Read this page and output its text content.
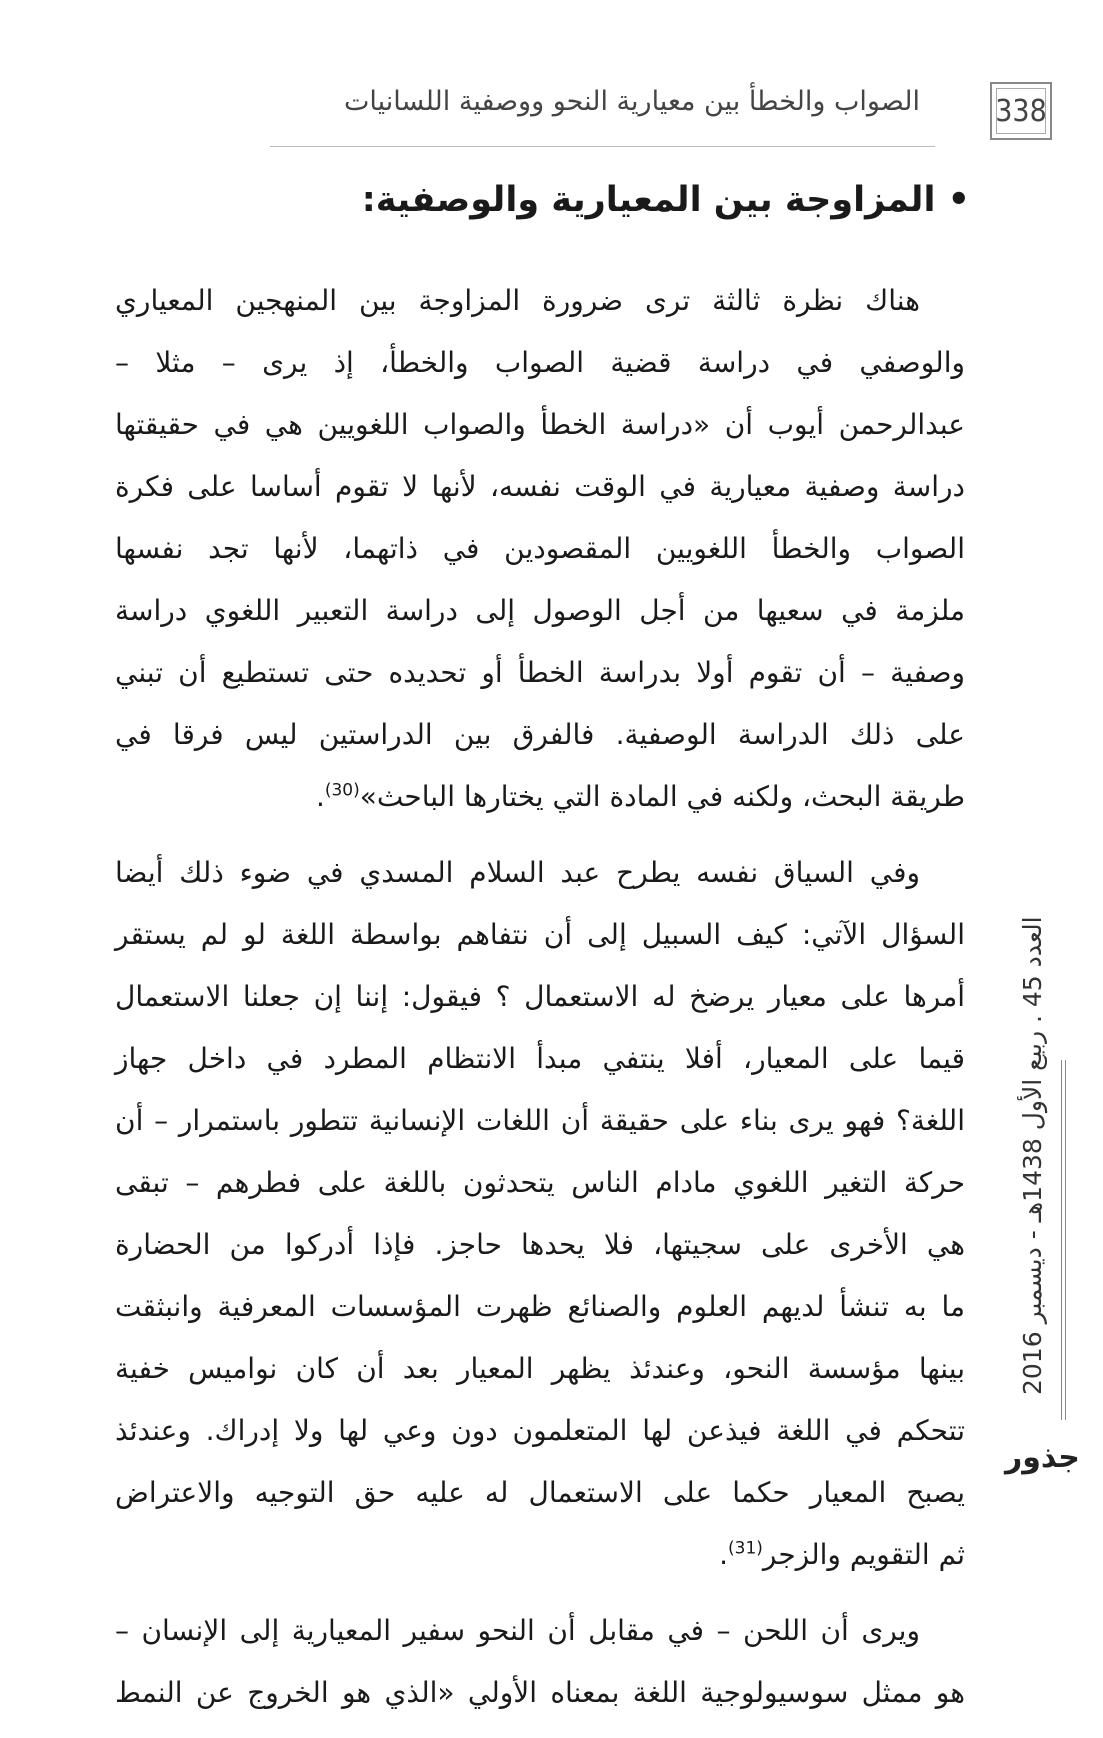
الصواب والخطأ بين معيارية النحو ووصفية اللسانيات	338
• المزاوجة بين المعيارية والوصفية:
هناك نظرة ثالثة ترى ضرورة المزاوجة بين المنهجين المعياري
والوصفي في دراسة قضية الصواب والخطأ، إذ يرى – مثلا –
عبدالرحمن أيوب أن «دراسة الخطأ والصواب اللغويين هي في حقيقتها
دراسة وصفية معيارية في الوقت نفسه، لأنها لا تقوم أساسا على فكرة
الصواب والخطأ اللغويين المقصودين في ذاتهما، لأنها تجد نفسها
ملزمة في سعيها من أجل الوصول إلى دراسة التعبير اللغوي دراسة
وصفية – أن تقوم أولا بدراسة الخطأ أو تحديده حتى تستطيع أن تبني
على ذلك الدراسة الوصفية. فالفرق بين الدراستين ليس فرقا في
طريقة البحث، ولكنه في المادة التي يختارها الباحث»$^{(30)}$.
وفي السياق نفسه يطرح عبد السلام المسدي في ضوء ذلك أيضا
السؤال الآتي: كيف السبيل إلى أن نتفاهم بواسطة اللغة لو لم يستقر
أمرها على معيار يرضخ له الاستعمال ؟ فيقول: إننا إن جعلنا الاستعمال
قيما على المعيار، أفلا ينتفي مبدأ الانتظام المطرد في داخل جهاز
اللغة؟ فهو يرى بناء على حقيقة أن اللغات الإنسانية تتطور باستمرار – أن
حركة التغير اللغوي مادام الناس يتحدثون باللغة على فطرهم – تبقى
هي الأخرى على سجيتها، فلا يحدها حاجز. فإذا أدركوا من الحضارة
ما به تنشأ لديهم العلوم والصنائع ظهرت المؤسسات المعرفية وانبثقت
بينها مؤسسة النحو، وعندئذ يظهر المعيار بعد أن كان نواميس خفية
تتحكم في اللغة فيذعن لها المتعلمون دون وعي لها ولا إدراك. وعندئذ
يصبح المعيار حكما على الاستعمال له عليه حق التوجيه والاعتراض
ثم التقويم والزجر$^{(31)}$.
ويرى أن اللحن – في مقابل أن النحو سفير المعيارية إلى الإنسان –
هو ممثل سوسيولوجية اللغة بمعناه الأولي «الذي هو الخروج عن النمط
العدد 45 . ربيع الأول 1438هـ - ديسمبر 2016
جذور
